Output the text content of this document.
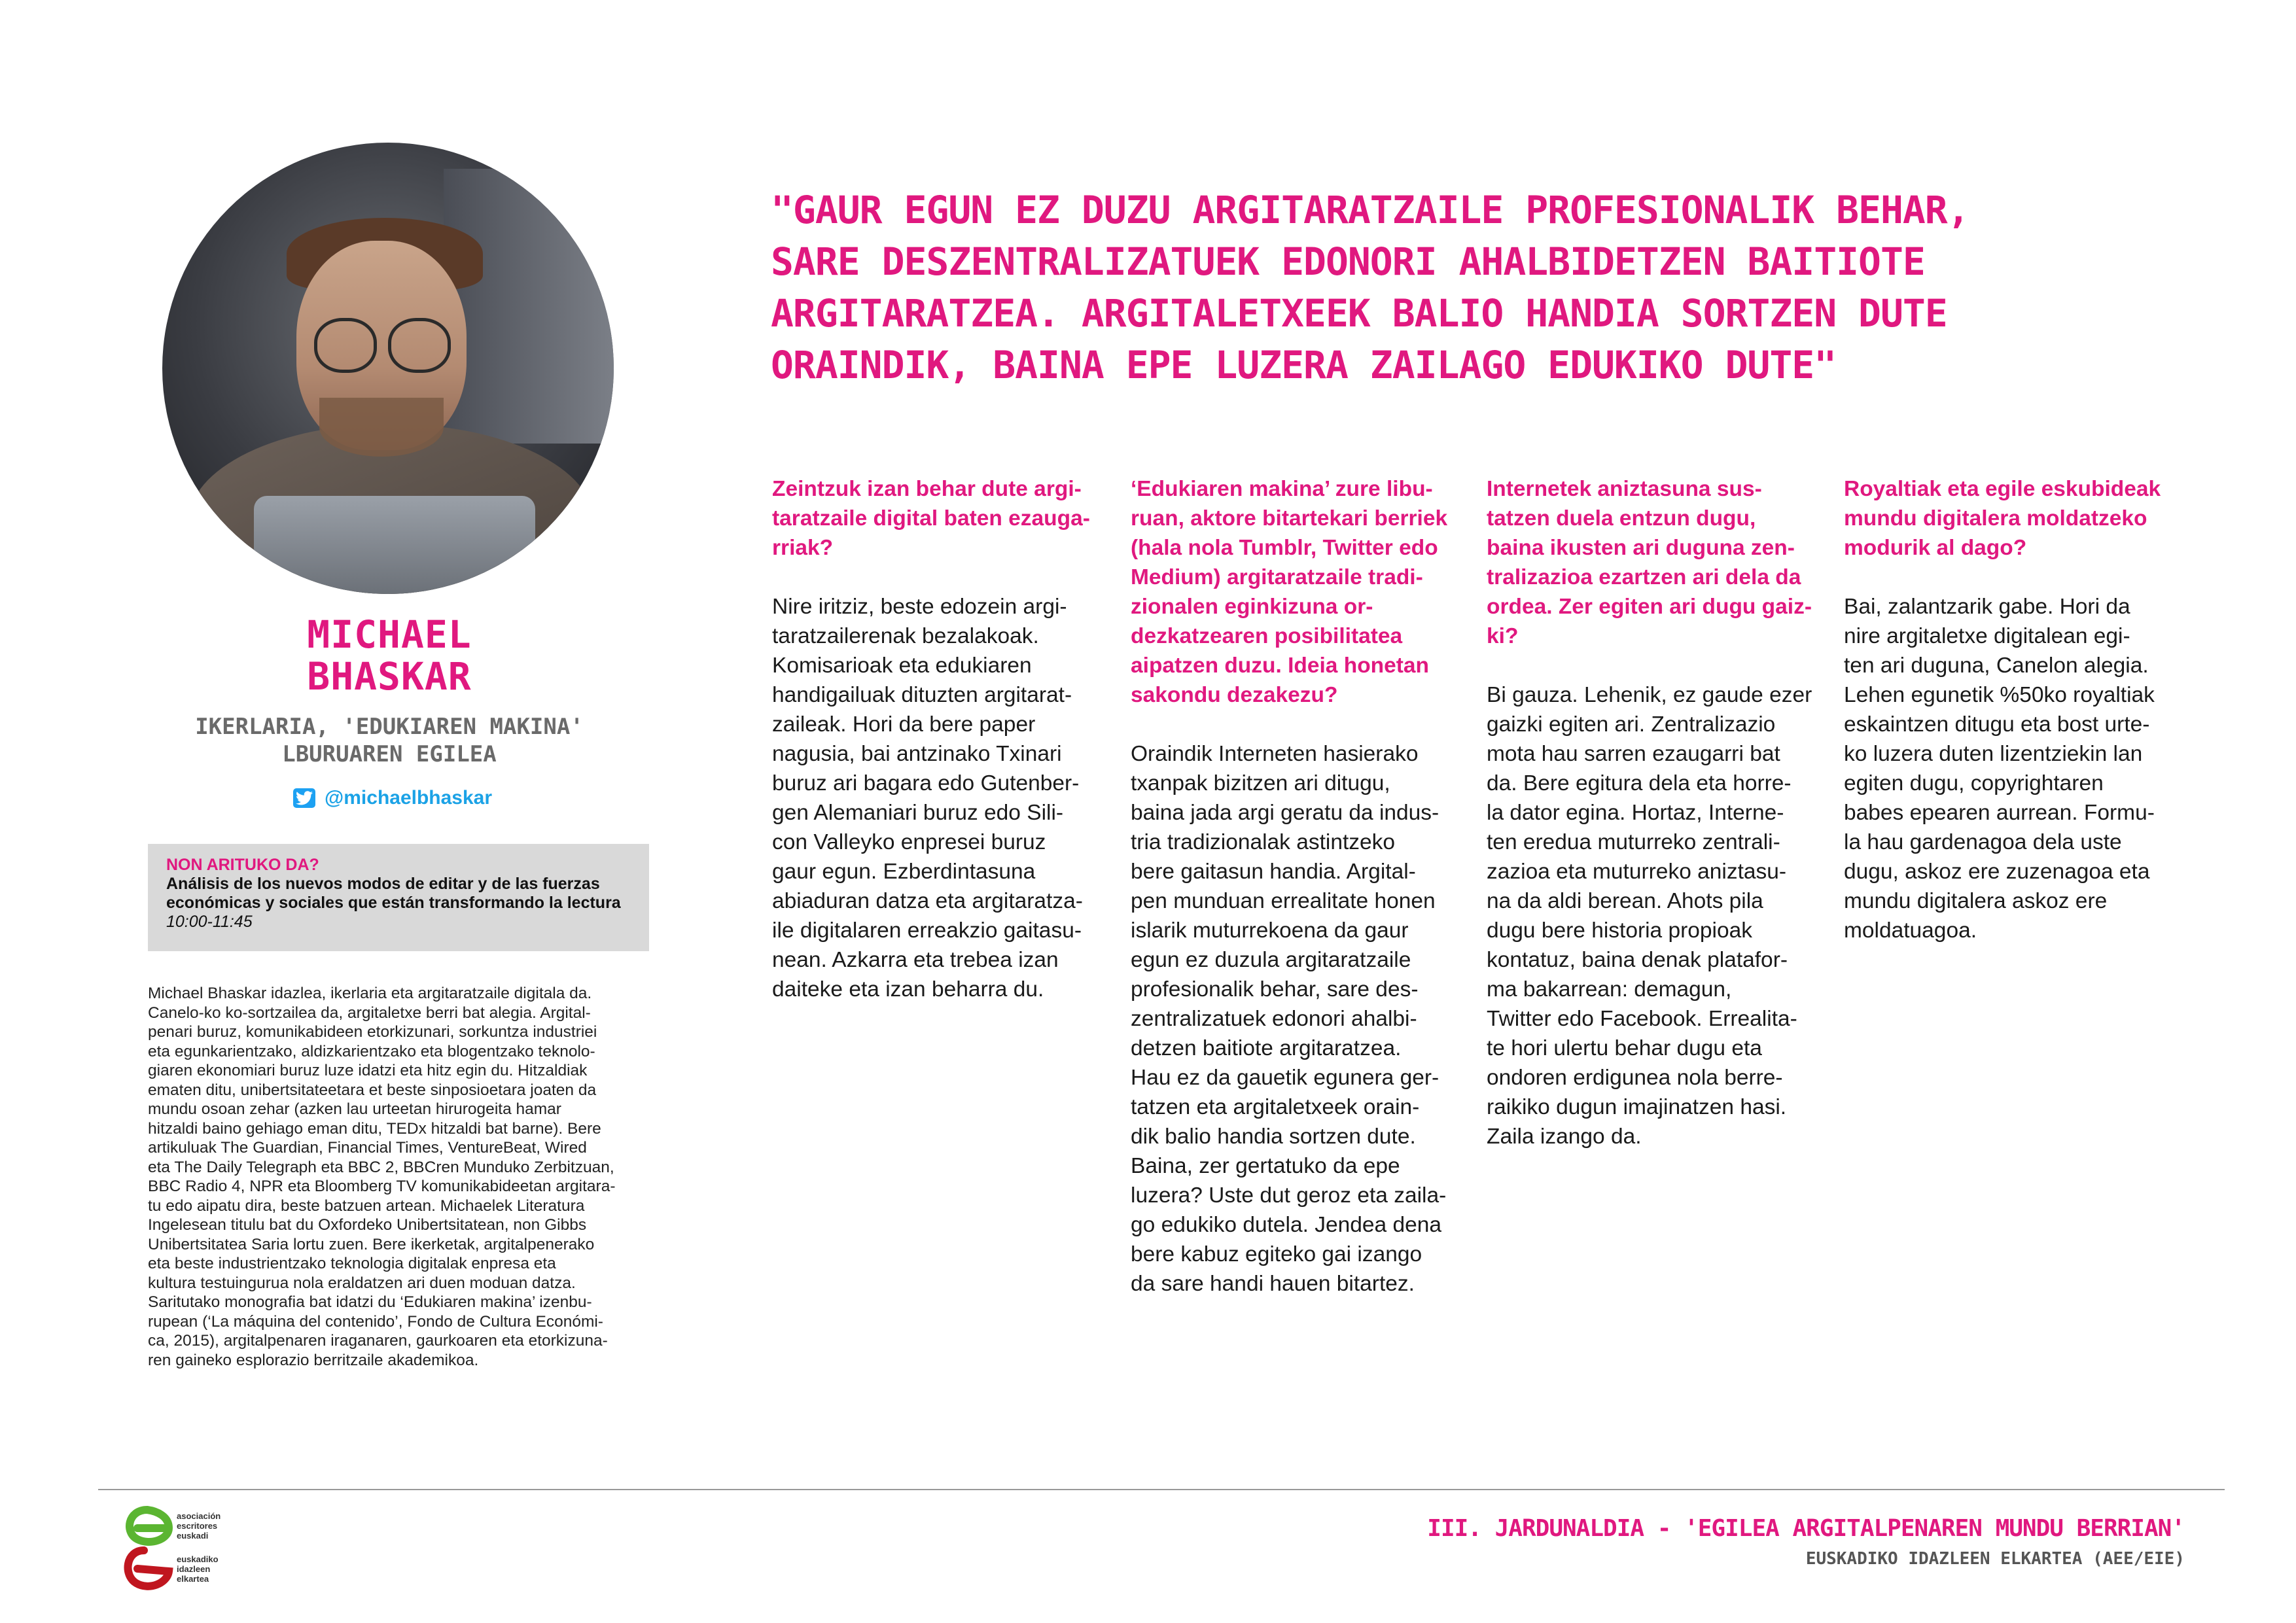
MICHAEL
BHASKAR
IKERLARIA, 'EDUKIAREN MAKINA'
LBURUAREN EGILEA
@michaelbhaskar
NON ARITUKO DA?
Análisis de los nuevos modos de editar y de las fuerzas económicas y sociales que están transformando la lectura
10:00-11:45
Michael Bhaskar idazlea, ikerlaria eta argitaratzaile digitala da.
Canelo-ko ko-sortzailea da, argitaletxe berri bat alegia. Argital-
penari buruz, komunikabideen etorkizunari, sorkuntza industriei
eta egunkarientzako, aldizkarientzako eta blogentzako teknolo-
giaren ekonomiari buruz luze idatzi eta hitz egin du. Hitzaldiak
ematen ditu, unibertsitateetara et beste sinposioetara joaten da
mundu osoan zehar (azken lau urteetan hirurogeita hamar
hitzaldi baino gehiago eman ditu, TEDx hitzaldi bat barne). Bere
artikuluak The Guardian, Financial Times, VentureBeat, Wired
eta The Daily Telegraph eta BBC 2, BBCren Munduko Zerbitzuan,
BBC Radio 4, NPR eta Bloomberg TV komunikabideetan argitara-
tu edo aipatu dira, beste batzuen artean. Michaelek Literatura
Ingelesean titulu bat du Oxfordeko Unibertsitatean, non Gibbs
Unibertsitatea Saria lortu zuen. Bere ikerketak, argitalpenerako
eta beste industrientzako teknologia digitalak enpresa eta
kultura testuingurua nola eraldatzen ari duen moduan datza.
Saritutako monografia bat idatzi du ‘Edukiaren makina’ izenbu-
rupean (‘La máquina del contenido’, Fondo de Cultura Económi-
ca, 2015), argitalpenaren iraganaren, gaurkoaren eta etorkizuna-
ren gaineko esplorazio berritzaile akademikoa.
"GAUR EGUN EZ DUZU ARGITARATZAILE PROFESIONALIK BEHAR,
SARE DESZENTRALIZATUEK EDONORI AHALBIDETZEN BAITIOTE
ARGITARATZEA. ARGITALETXEEK BALIO HANDIA SORTZEN DUTE
ORAINDIK, BAINA EPE LUZERA ZAILAGO EDUKIKO DUTE"

Zeintzuk izan behar dute argi-
taratzaile digital baten ezauga-
rriak?

Nire iritziz, beste edozein argi-
taratzailerenak bezalakoak.
Komisarioak eta edukiaren
handigailuak dituzten argitarat-
zaileak. Hori da bere paper
nagusia, bai antzinako Txinari
buruz ari bagara edo Gutenber-
gen Alemaniari buruz edo Sili-
con Valleyko enpresei buruz
gaur egun. Ezberdintasuna
abiaduran datza eta argitaratza-
ile digitalaren erreakzio gaitasu-
nean. Azkarra eta trebea izan
daiteke eta izan beharra du.

‘Edukiaren makina’ zure libu-
ruan, aktore bitartekari berriek
(hala nola Tumblr, Twitter edo
Medium) argitaratzaile tradi-
zionalen eginkizuna or-
dezkatzearen posibilitatea
aipatzen duzu. Ideia honetan
sakondu dezakezu?

Oraindik Interneten hasierako
txanpak bizitzen ari ditugu,
baina jada argi geratu da indus-
tria tradizionalak astintzeko
bere gaitasun handia. Argital-
pen munduan errealitate honen
islarik muturrekoena da gaur
egun ez duzula argitaratzaile
profesionalik behar, sare des-
zentralizatuek edonori ahalbi-
detzen baitiote argitaratzea.
Hau ez da gauetik egunera ger-
tatzen eta argitaletxeek orain-
dik balio handia sortzen dute.
Baina, zer gertatuko da epe
luzera? Uste dut geroz eta zaila-
go edukiko dutela. Jendea dena
bere kabuz egiteko gai izango
da sare handi hauen bitartez.

Internetek aniztasuna sus-
tatzen duela entzun dugu,
baina ikusten ari duguna zen-
tralizazioa ezartzen ari dela da
ordea. Zer egiten ari dugu gaiz-
ki?

Bi gauza. Lehenik, ez gaude ezer
gaizki egiten ari. Zentralizazio
mota hau sarren ezaugarri bat
da. Bere egitura dela eta horre-
la dator egina. Hortaz, Interne-
ten eredua muturreko zentrali-
zazioa eta muturreko aniztasu-
na da aldi berean. Ahots pila
dugu bere historia propioak
kontatuz, baina denak platafor-
ma bakarrean: demagun,
Twitter edo Facebook. Errealita-
te hori ulertu behar dugu eta
ondoren erdigunea nola berre-
raikiko dugun imajinatzen hasi.
Zaila izango da.

Royaltiak eta egile eskubideak
mundu digitalera moldatzeko
modurik al dago?

Bai, zalantzarik gabe. Hori da
nire argitaletxe digitalean egi-
ten ari duguna, Canelon alegia.
Lehen egunetik %50ko royaltiak
eskaintzen ditugu eta bost urte-
ko luzera duten lizentziekin lan
egiten dugu, copyrightaren
babes epearen aurrean. Formu-
la hau gardenagoa dela uste
dugu, askoz ere zuzenagoa eta
mundu digitalera askoz ere
moldatuagoa.

asociación
escritores
euskadi
euskadiko
idazleen
elkartea
III. JARDUNALDIA - 'EGILEA ARGITALPENAREN MUNDU BERRIAN'
EUSKADIKO IDAZLEEN ELKARTEA (AEE/EIE)
